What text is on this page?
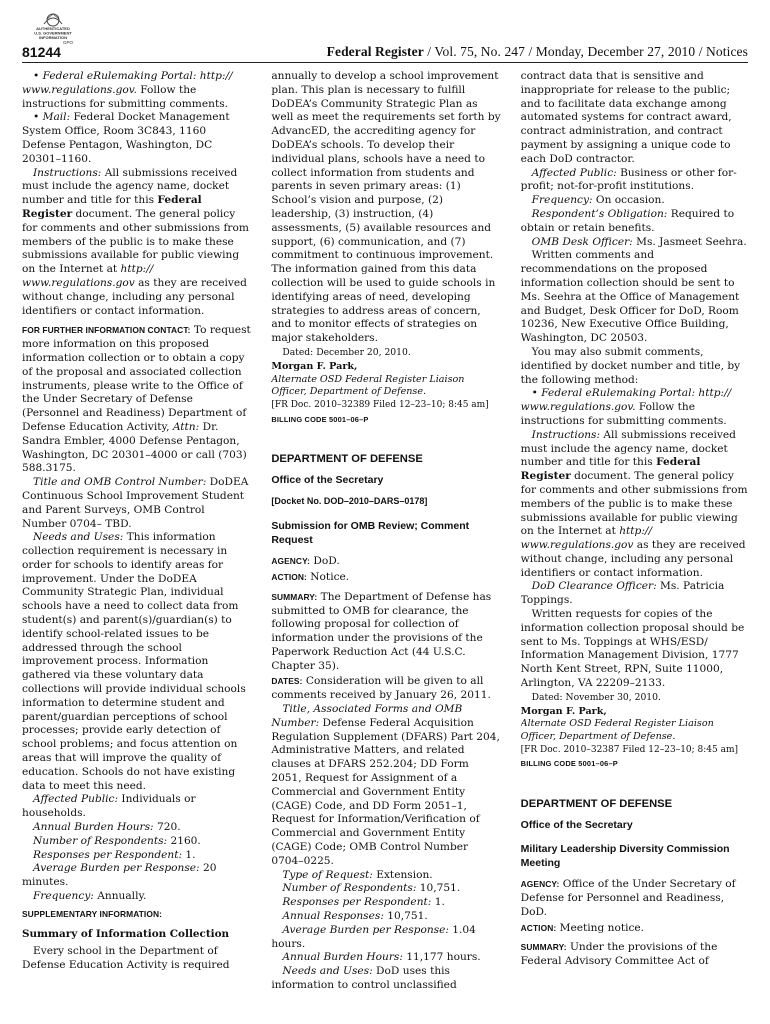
AUTHENTICATED
U.S. GOVERNMENT
INFORMATION
GPO
81244	Federal Register / Vol. 75, No. 247 / Monday, December 27, 2010 / Notices

• Federal eRulemaking Portal: http:// www.regulations.gov. Follow the instructions for submitting comments.

• Mail: Federal Docket Management System Office, Room 3C843, 1160 Defense Pentagon, Washington, DC 20301–1160.

Instructions: All submissions received must include the agency name, docket number and title for this Federal Register document. The general policy for comments and other submissions from members of the public is to make these submissions available for public viewing on the Internet at http:// www.regulations.gov as they are received without change, including any personal identifiers or contact information.

FOR FURTHER INFORMATION CONTACT: To request more information on this proposed information collection or to obtain a copy of the proposal and associated collection instruments, please write to the Office of the Under Secretary of Defense (Personnel and Readiness) Department of Defense Education Activity, Attn: Dr. Sandra Embler, 4000 Defense Pentagon, Washington, DC 20301–4000 or call (703) 588.3175.

Title and OMB Control Number: DoDEA Continuous School Improvement Student and Parent Surveys, OMB Control Number 0704– TBD.

Needs and Uses: This information collection requirement is necessary in order for schools to identify areas for improvement. Under the DoDEA Community Strategic Plan, individual schools have a need to collect data from student(s) and parent(s)/guardian(s) to identify school-related issues to be addressed through the school improvement process. Information gathered via these voluntary data collections will provide individual schools information to determine student and parent/guardian perceptions of school processes; provide early detection of school problems; and focus attention on areas that will improve the quality of education. Schools do not have existing data to meet this need.

Affected Public: Individuals or households.

Annual Burden Hours: 720.

Number of Respondents: 2160.

Responses per Respondent: 1.

Average Burden per Response: 20 minutes.

Frequency: Annually.

SUPPLEMENTARY INFORMATION:

Summary of Information Collection

Every school in the Department of Defense Education Activity is required

annually to develop a school improvement plan. This plan is necessary to fulfill DoDEA’s Community Strategic Plan as well as meet the requirements set forth by AdvancED, the accrediting agency for DoDEA’s schools. To develop their individual plans, schools have a need to collect information from students and parents in seven primary areas: (1) School’s vision and purpose, (2) leadership, (3) instruction, (4) assessments, (5) available resources and support, (6) communication, and (7) commitment to continuous improvement. The information gained from this data collection will be used to guide schools in identifying areas of need, developing strategies to address areas of concern, and to monitor effects of strategies on major stakeholders.

Dated: December 20, 2010.

Morgan F. Park,

Alternate OSD Federal Register Liaison Officer, Department of Defense.

[FR Doc. 2010–32389 Filed 12–23–10; 8:45 am]

BILLING CODE 5001–06–P

DEPARTMENT OF DEFENSE
Office of the Secretary
[Docket No. DOD–2010–DARS–0178]
Submission for OMB Review; Comment Request

AGENCY: DoD.

ACTION: Notice.

SUMMARY: The Department of Defense has submitted to OMB for clearance, the following proposal for collection of information under the provisions of the Paperwork Reduction Act (44 U.S.C. Chapter 35).

DATES: Consideration will be given to all comments received by January 26, 2011.

Title, Associated Forms and OMB Number: Defense Federal Acquisition Regulation Supplement (DFARS) Part 204, Administrative Matters, and related clauses at DFARS 252.204; DD Form 2051, Request for Assignment of a Commercial and Government Entity (CAGE) Code, and DD Form 2051–1, Request for Information/Verification of Commercial and Government Entity (CAGE) Code; OMB Control Number 0704–0225.

Type of Request: Extension.

Number of Respondents: 10,751.

Responses per Respondent: 1.

Annual Responses: 10,751.

Average Burden per Response: 1.04 hours.

Annual Burden Hours: 11,177 hours.

Needs and Uses: DoD uses this information to control unclassified

contract data that is sensitive and inappropriate for release to the public; and to facilitate data exchange among automated systems for contract award, contract administration, and contract payment by assigning a unique code to each DoD contractor.

Affected Public: Business or other for-profit; not-for-profit institutions.

Frequency: On occasion.

Respondent’s Obligation: Required to obtain or retain benefits.

OMB Desk Officer: Ms. Jasmeet Seehra.

Written comments and recommendations on the proposed information collection should be sent to Ms. Seehra at the Office of Management and Budget, Desk Officer for DoD, Room 10236, New Executive Office Building, Washington, DC 20503.

You may also submit comments, identified by docket number and title, by the following method:

• Federal eRulemaking Portal: http:// www.regulations.gov. Follow the instructions for submitting comments.

Instructions: All submissions received must include the agency name, docket number and title for this Federal Register document. The general policy for comments and other submissions from members of the public is to make these submissions available for public viewing on the Internet at http:// www.regulations.gov as they are received without change, including any personal identifiers or contact information.

DoD Clearance Officer: Ms. Patricia Toppings.

Written requests for copies of the information collection proposal should be sent to Ms. Toppings at WHS/ESD/ Information Management Division, 1777 North Kent Street, RPN, Suite 11000, Arlington, VA 22209–2133.

Dated: November 30, 2010.

Morgan F. Park,

Alternate OSD Federal Register Liaison Officer, Department of Defense.

[FR Doc. 2010–32387 Filed 12–23–10; 8:45 am]

BILLING CODE 5001–06–P

DEPARTMENT OF DEFENSE
Office of the Secretary
Military Leadership Diversity Commission Meeting

AGENCY: Office of the Under Secretary of Defense for Personnel and Readiness, DoD.

ACTION: Meeting notice.

SUMMARY: Under the provisions of the Federal Advisory Committee Act of
